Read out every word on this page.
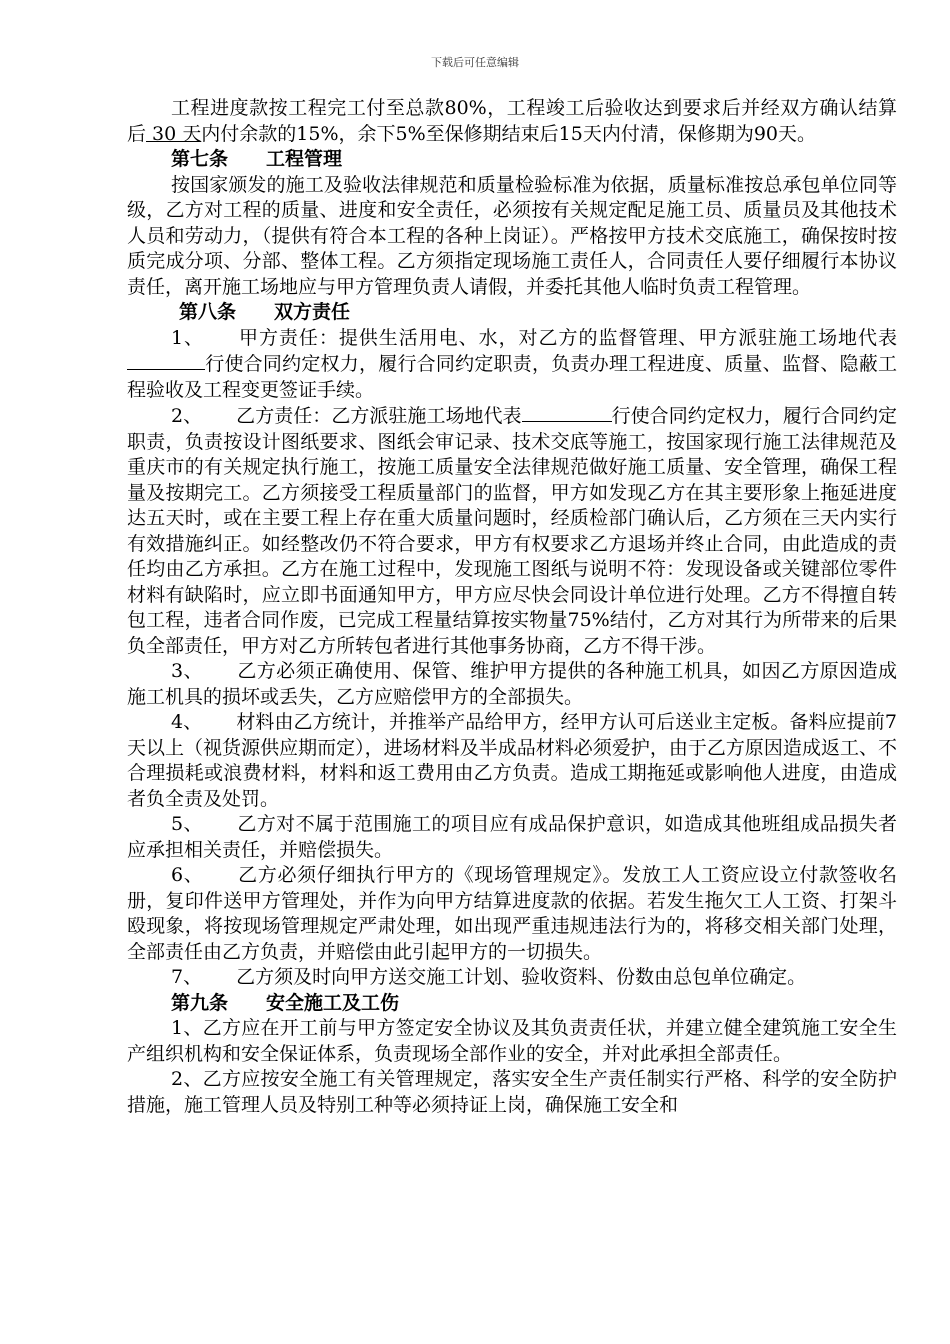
下载后可任意编辑

工程进度款按工程完工付至总款80%，工程竣工后验收达到要求后并经双方确认结算后 30 天内付余款的15%，余下5%至保修期结束后15天内付清，保修期为90天。

第七条 工程管理

按国家颁发的施工及验收法律规范和质量检验标准为依据，质量标准按总承包单位同等级，乙方对工程的质量、进度和安全责任，必须按有关规定配足施工员、质量员及其他技术人员和劳动力，（提供有符合本工程的各种上岗证）。严格按甲方技术交底施工，确保按时按质完成分项、分部、整体工程。乙方须指定现场施工责任人，合同责任人要仔细履行本协议责任，离开施工场地应与甲方管理负责人请假，并委托其他人临时负责工程管理。

第八条 双方责任

1、 甲方责任：提供生活用电、水，对乙方的监督管理、甲方派驻施工场地代表行使合同约定权力，履行合同约定职责，负责办理工程进度、质量、监督、隐蔽工程验收及工程变更签证手续。

2、 乙方责任：乙方派驻施工场地代表	行使合同约定权力，履行合同约定职责，负责按设计图纸要求、图纸会审记录、技术交底等施工，按国家现行施工法律规范及重庆市的有关规定执行施工，按施工质量安全法律规范做好施工质量、安全管理，确保工程量及按期完工。乙方须接受工程质量部门的监督，甲方如发现乙方在其主要形象上拖延进度达五天时，或在主要工程上存在重大质量问题时，经质检部门确认后，乙方须在三天内实行有效措施纠正。如经整改仍不符合要求，甲方有权要求乙方退场并终止合同，由此造成的责任均由乙方承担。乙方在施工过程中，发现施工图纸与说明不符：发现设备或关键部位零件材料有缺陷时，应立即书面通知甲方，甲方应尽快会同设计单位进行处理。乙方不得擅自转包工程，违者合同作废，已完成工程量结算按实物量75%结付，乙方对其行为所带来的后果负全部责任，甲方对乙方所转包者进行其他事务协商，乙方不得干涉。

3、 乙方必须正确使用、保管、维护甲方提供的各种施工机具，如因乙方原因造成施工机具的损坏或丢失，乙方应赔偿甲方的全部损失。

4、 材料由乙方统计，并推举产品给甲方，经甲方认可后送业主定板。备料应提前7天以上（视货源供应期而定），进场材料及半成品材料必须爱护，由于乙方原因造成返工、不合理损耗或浪费材料，材料和返工费用由乙方负责。造成工期拖延或影响他人进度，由造成者负全责及处罚。

5、 乙方对不属于范围施工的项目应有成品保护意识，如造成其他班组成品损失者应承担相关责任，并赔偿损失。

6、 乙方必须仔细执行甲方的《现场管理规定》。发放工人工资应设立付款签收名册，复印件送甲方管理处，并作为向甲方结算进度款的依据。若发生拖欠工人工资、打架斗殴现象，将按现场管理规定严肃处理，如出现严重违规违法行为的，将移交相关部门处理，全部责任由乙方负责，并赔偿由此引起甲方的一切损失。

7、 乙方须及时向甲方送交施工计划、验收资料、份数由总包单位确定。

第九条 安全施工及工伤

1、乙方应在开工前与甲方签定安全协议及其负责责任状，并建立健全建筑施工安全生产组织机构和安全保证体系，负责现场全部作业的安全，并对此承担全部责任。

2、乙方应按安全施工有关管理规定，落实安全生产责任制实行严格、科学的安全防护措施，施工管理人员及特别工种等必须持证上岗，确保施工安全和
